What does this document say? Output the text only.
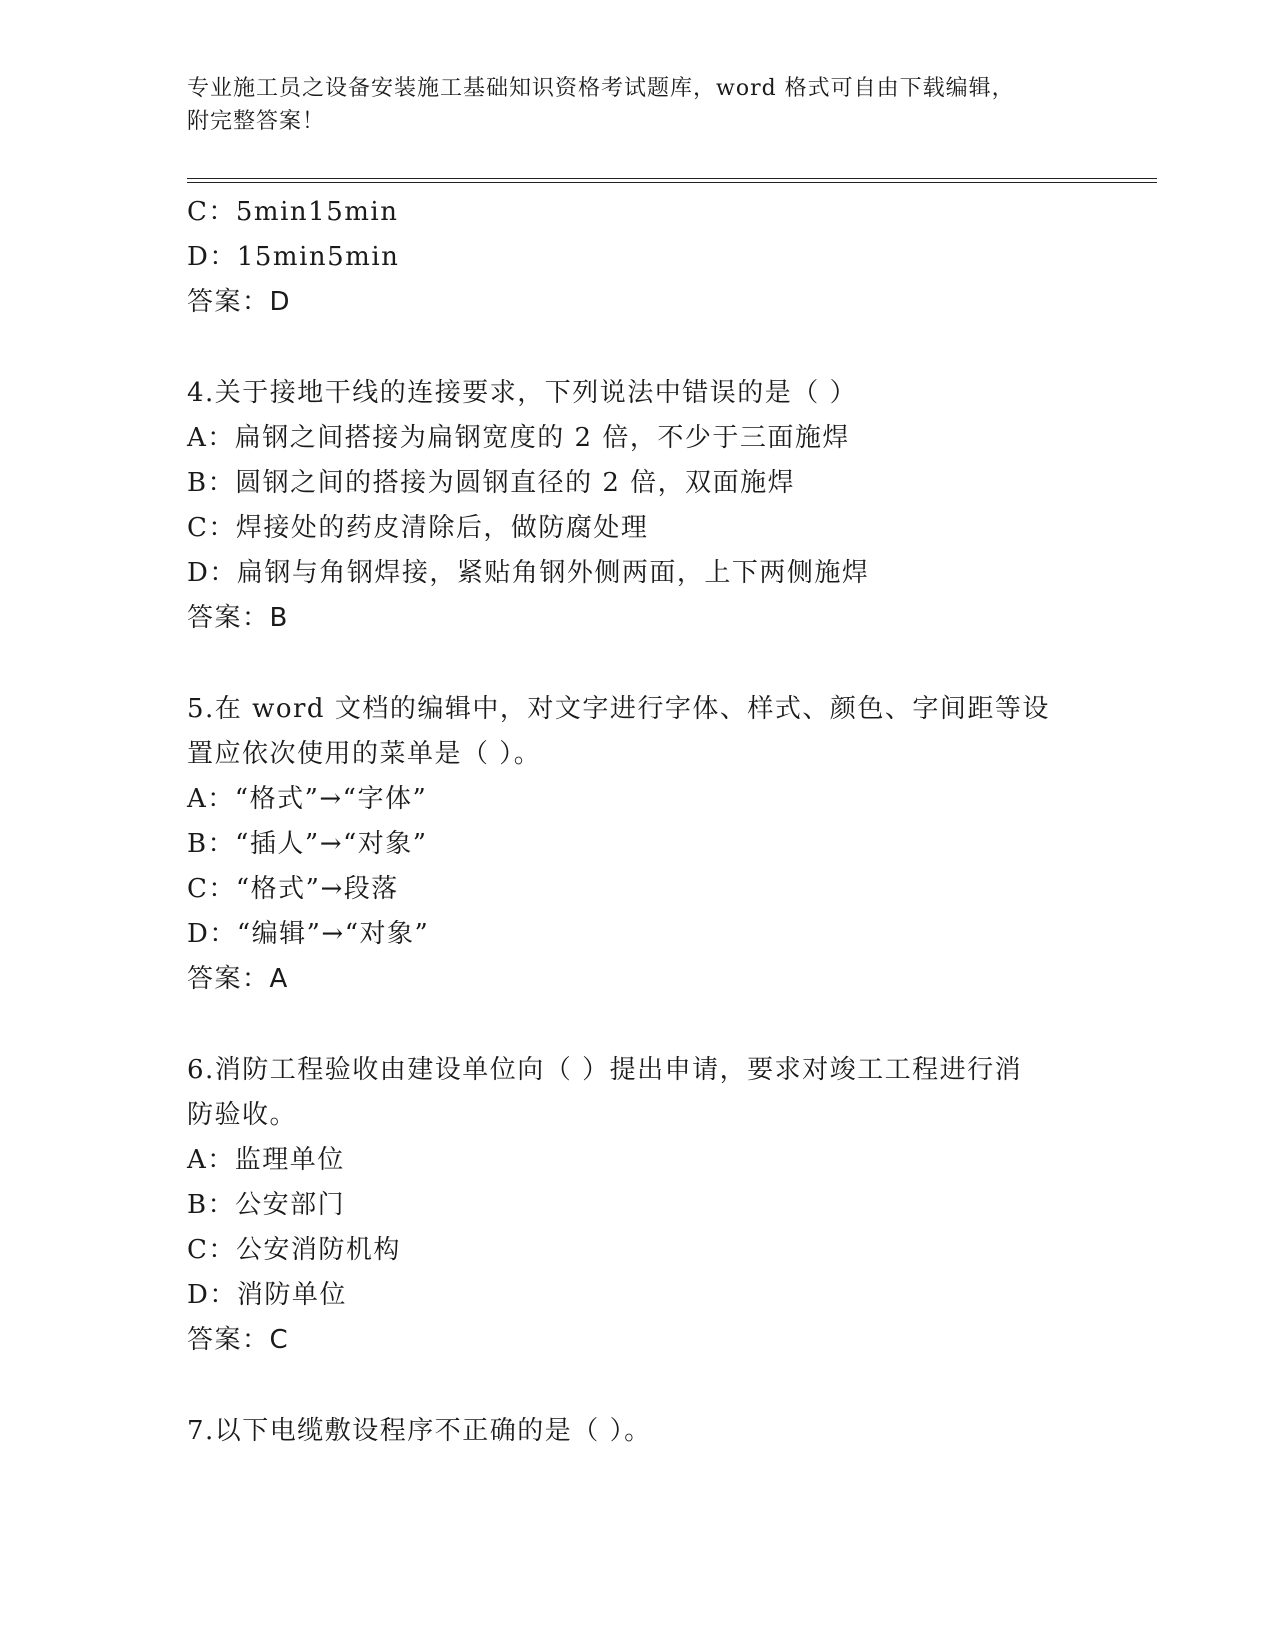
专业施工员之设备安装施工基础知识资格考试题库，word 格式可自由下载编辑，
附完整答案！
C：5min15min
D：15min5min
答案：D
4.关于接地干线的连接要求，下列说法中错误的是（ ）
A：扁钢之间搭接为扁钢宽度的 2 倍，不少于三面施焊
B：圆钢之间的搭接为圆钢直径的 2 倍，双面施焊
C：焊接处的药皮清除后，做防腐处理
D：扁钢与角钢焊接，紧贴角钢外侧两面，上下两侧施焊
答案：B
5.在 word 文档的编辑中，对文字进行字体、样式、颜色、字间距等设
置应依次使用的菜单是（ ）。
A：“格式”→“字体”
B：“插人”→“对象”
C：“格式”→段落
D：“编辑”→“对象”
答案：A
6.消防工程验收由建设单位向（ ）提出申请，要求对竣工工程进行消
防验收。
A：监理单位
B：公安部门
C：公安消防机构
D：消防单位
答案：C
7.以下电缆敷设程序不正确的是（ ）。
